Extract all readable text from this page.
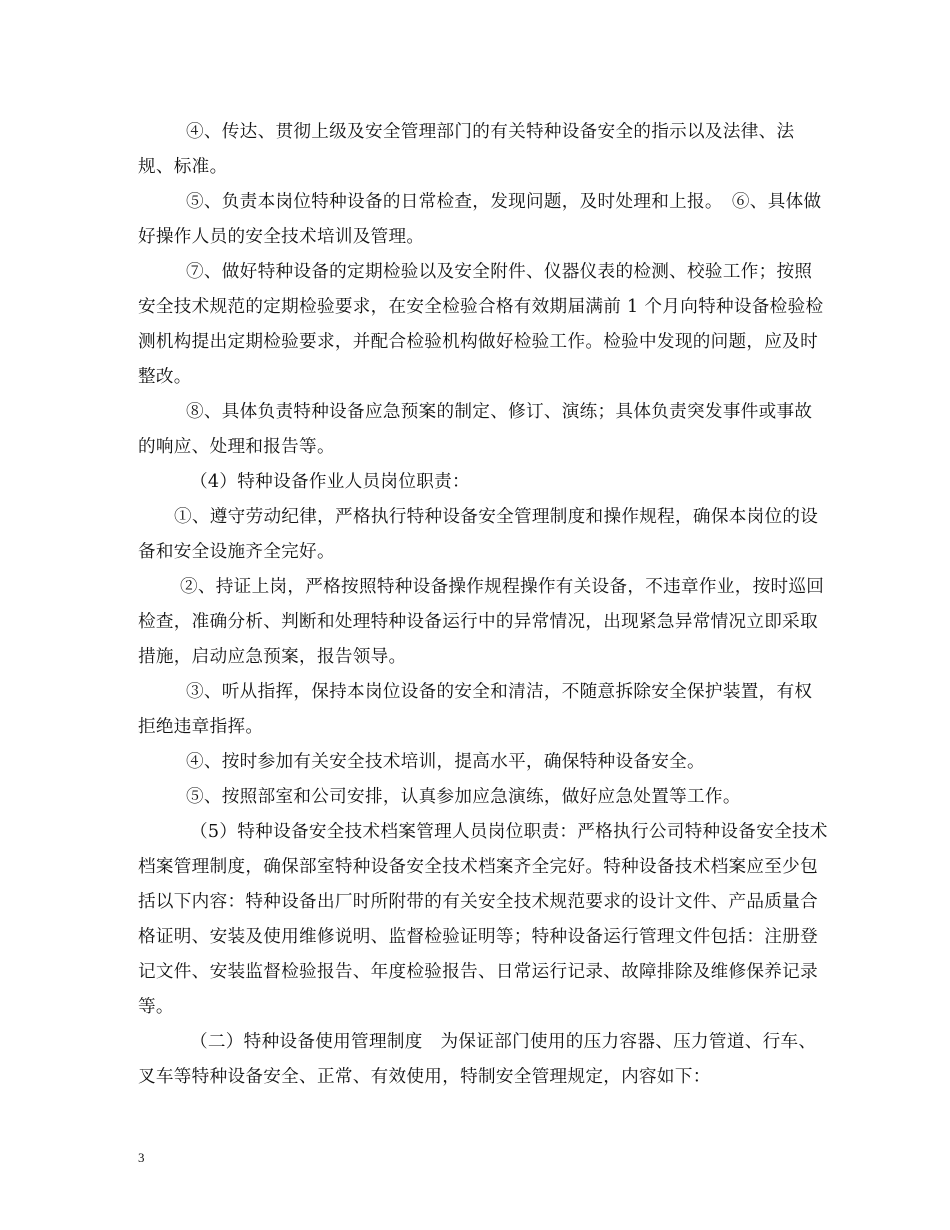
④、传达、贯彻上级及安全管理部门的有关特种设备安全的指示以及法律、法规、标准。

⑤、负责本岗位特种设备的日常检查，发现问题，及时处理和上报。　⑥、具体做好操作人员的安全技术培训及管理。

⑦、做好特种设备的定期检验以及安全附件、仪器仪表的检测、校验工作；按照安全技术规范的定期检验要求，在安全检验合格有效期届满前 1 个月向特种设备检验检测机构提出定期检验要求，并配合检验机构做好检验工作。检验中发现的问题，应及时整改。

⑧、具体负责特种设备应急预案的制定、修订、演练；具体负责突发事件或事故的响应、处理和报告等。

（4）特种设备作业人员岗位职责：

①、遵守劳动纪律，严格执行特种设备安全管理制度和操作规程，确保本岗位的设备和安全设施齐全完好。

②、持证上岗，严格按照特种设备操作规程操作有关设备，不违章作业，按时巡回检查，准确分析、判断和处理特种设备运行中的异常情况，出现紧急异常情况立即采取措施，启动应急预案，报告领导。

③、听从指挥，保持本岗位设备的安全和清洁，不随意拆除安全保护装置，有权拒绝违章指挥。

④、按时参加有关安全技术培训，提高水平，确保特种设备安全。

⑤、按照部室和公司安排，认真参加应急演练，做好应急处置等工作。

（5）特种设备安全技术档案管理人员岗位职责：严格执行公司特种设备安全技术档案管理制度，确保部室特种设备安全技术档案齐全完好。特种设备技术档案应至少包括以下内容：特种设备出厂时所附带的有关安全技术规范要求的设计文件、产品质量合格证明、安装及使用维修说明、监督检验证明等；特种设备运行管理文件包括：注册登记文件、安装监督检验报告、年度检验报告、日常运行记录、故障排除及维修保养记录等。

（二）特种设备使用管理制度　为保证部门使用的压力容器、压力管道、行车、叉车等特种设备安全、正常、有效使用，特制安全管理规定，内容如下：

3
